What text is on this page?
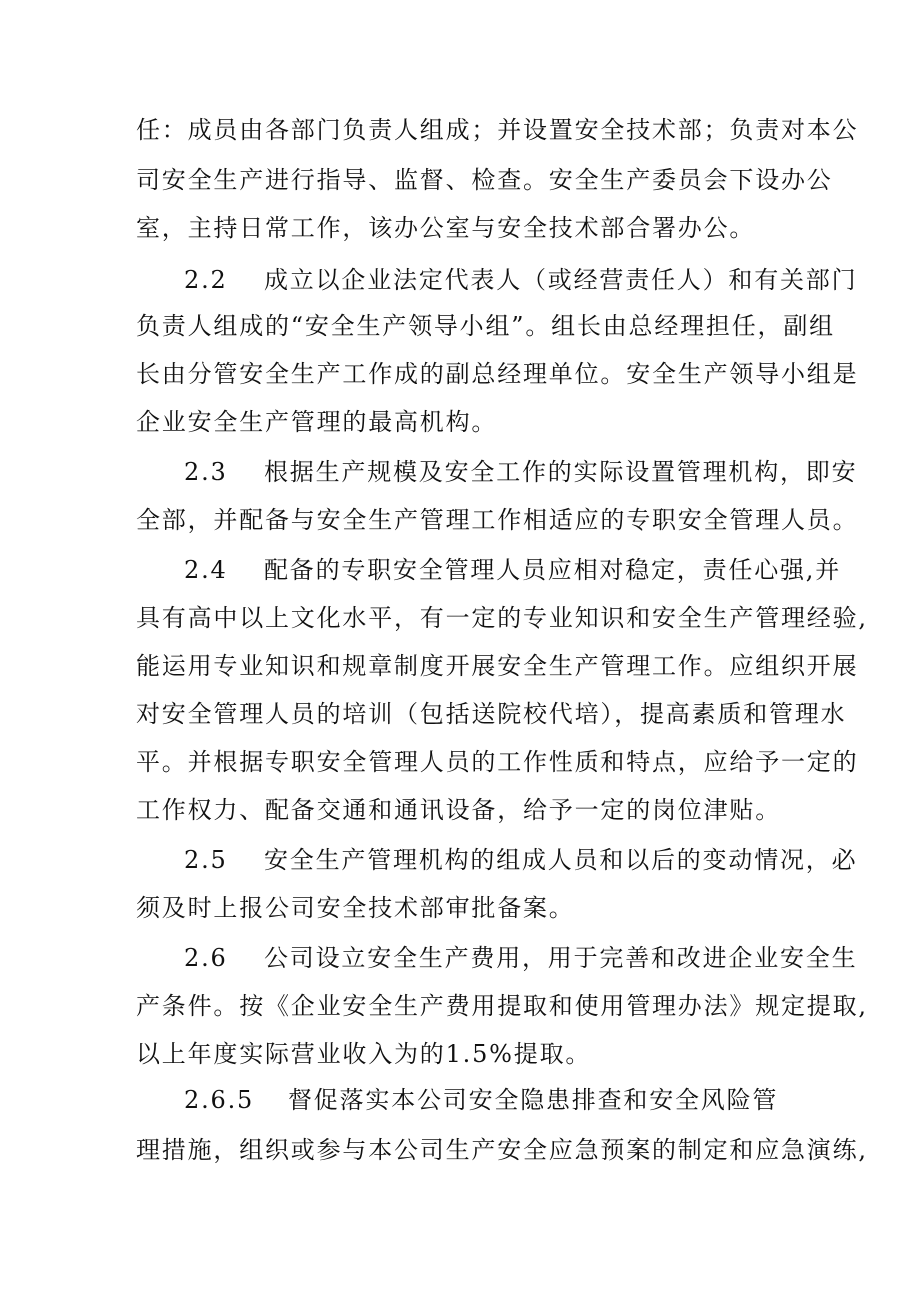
任：成员由各部门负责人组成；并设置安全技术部；负责对本公
司安全生产进行指导、监督、检查。安全生产委员会下设办公
室，主持日常工作，该办公室与安全技术部合署办公。
2.2 成立以企业法定代表人（或经营责任人）和有关部门
负责人组成的“安全生产领导小组”。组长由总经理担任，副组
长由分管安全生产工作成的副总经理单位。安全生产领导小组是
企业安全生产管理的最高机构。
2.3 根据生产规模及安全工作的实际设置管理机构，即安
全部，并配备与安全生产管理工作相适应的专职安全管理人员。
2.4 配备的专职安全管理人员应相对稳定，责任心强,并
具有高中以上文化水平，有一定的专业知识和安全生产管理经验,
能运用专业知识和规章制度开展安全生产管理工作。应组织开展
对安全管理人员的培训（包括送院校代培），提高素质和管理水
平。并根据专职安全管理人员的工作性质和特点，应给予一定的
工作权力、配备交通和通讯设备，给予一定的岗位津贴。
2.5 安全生产管理机构的组成人员和以后的变动情况，必
须及时上报公司安全技术部审批备案。
2.6 公司设立安全生产费用，用于完善和改进企业安全生
产条件。按《企业安全生产费用提取和使用管理办法》规定提取,
以上年度实际营业收入为的1.5%提取。
2.6.5 督促落实本公司安全隐患排查和安全风险管
理措施，组织或参与本公司生产安全应急预案的制定和应急演练,
